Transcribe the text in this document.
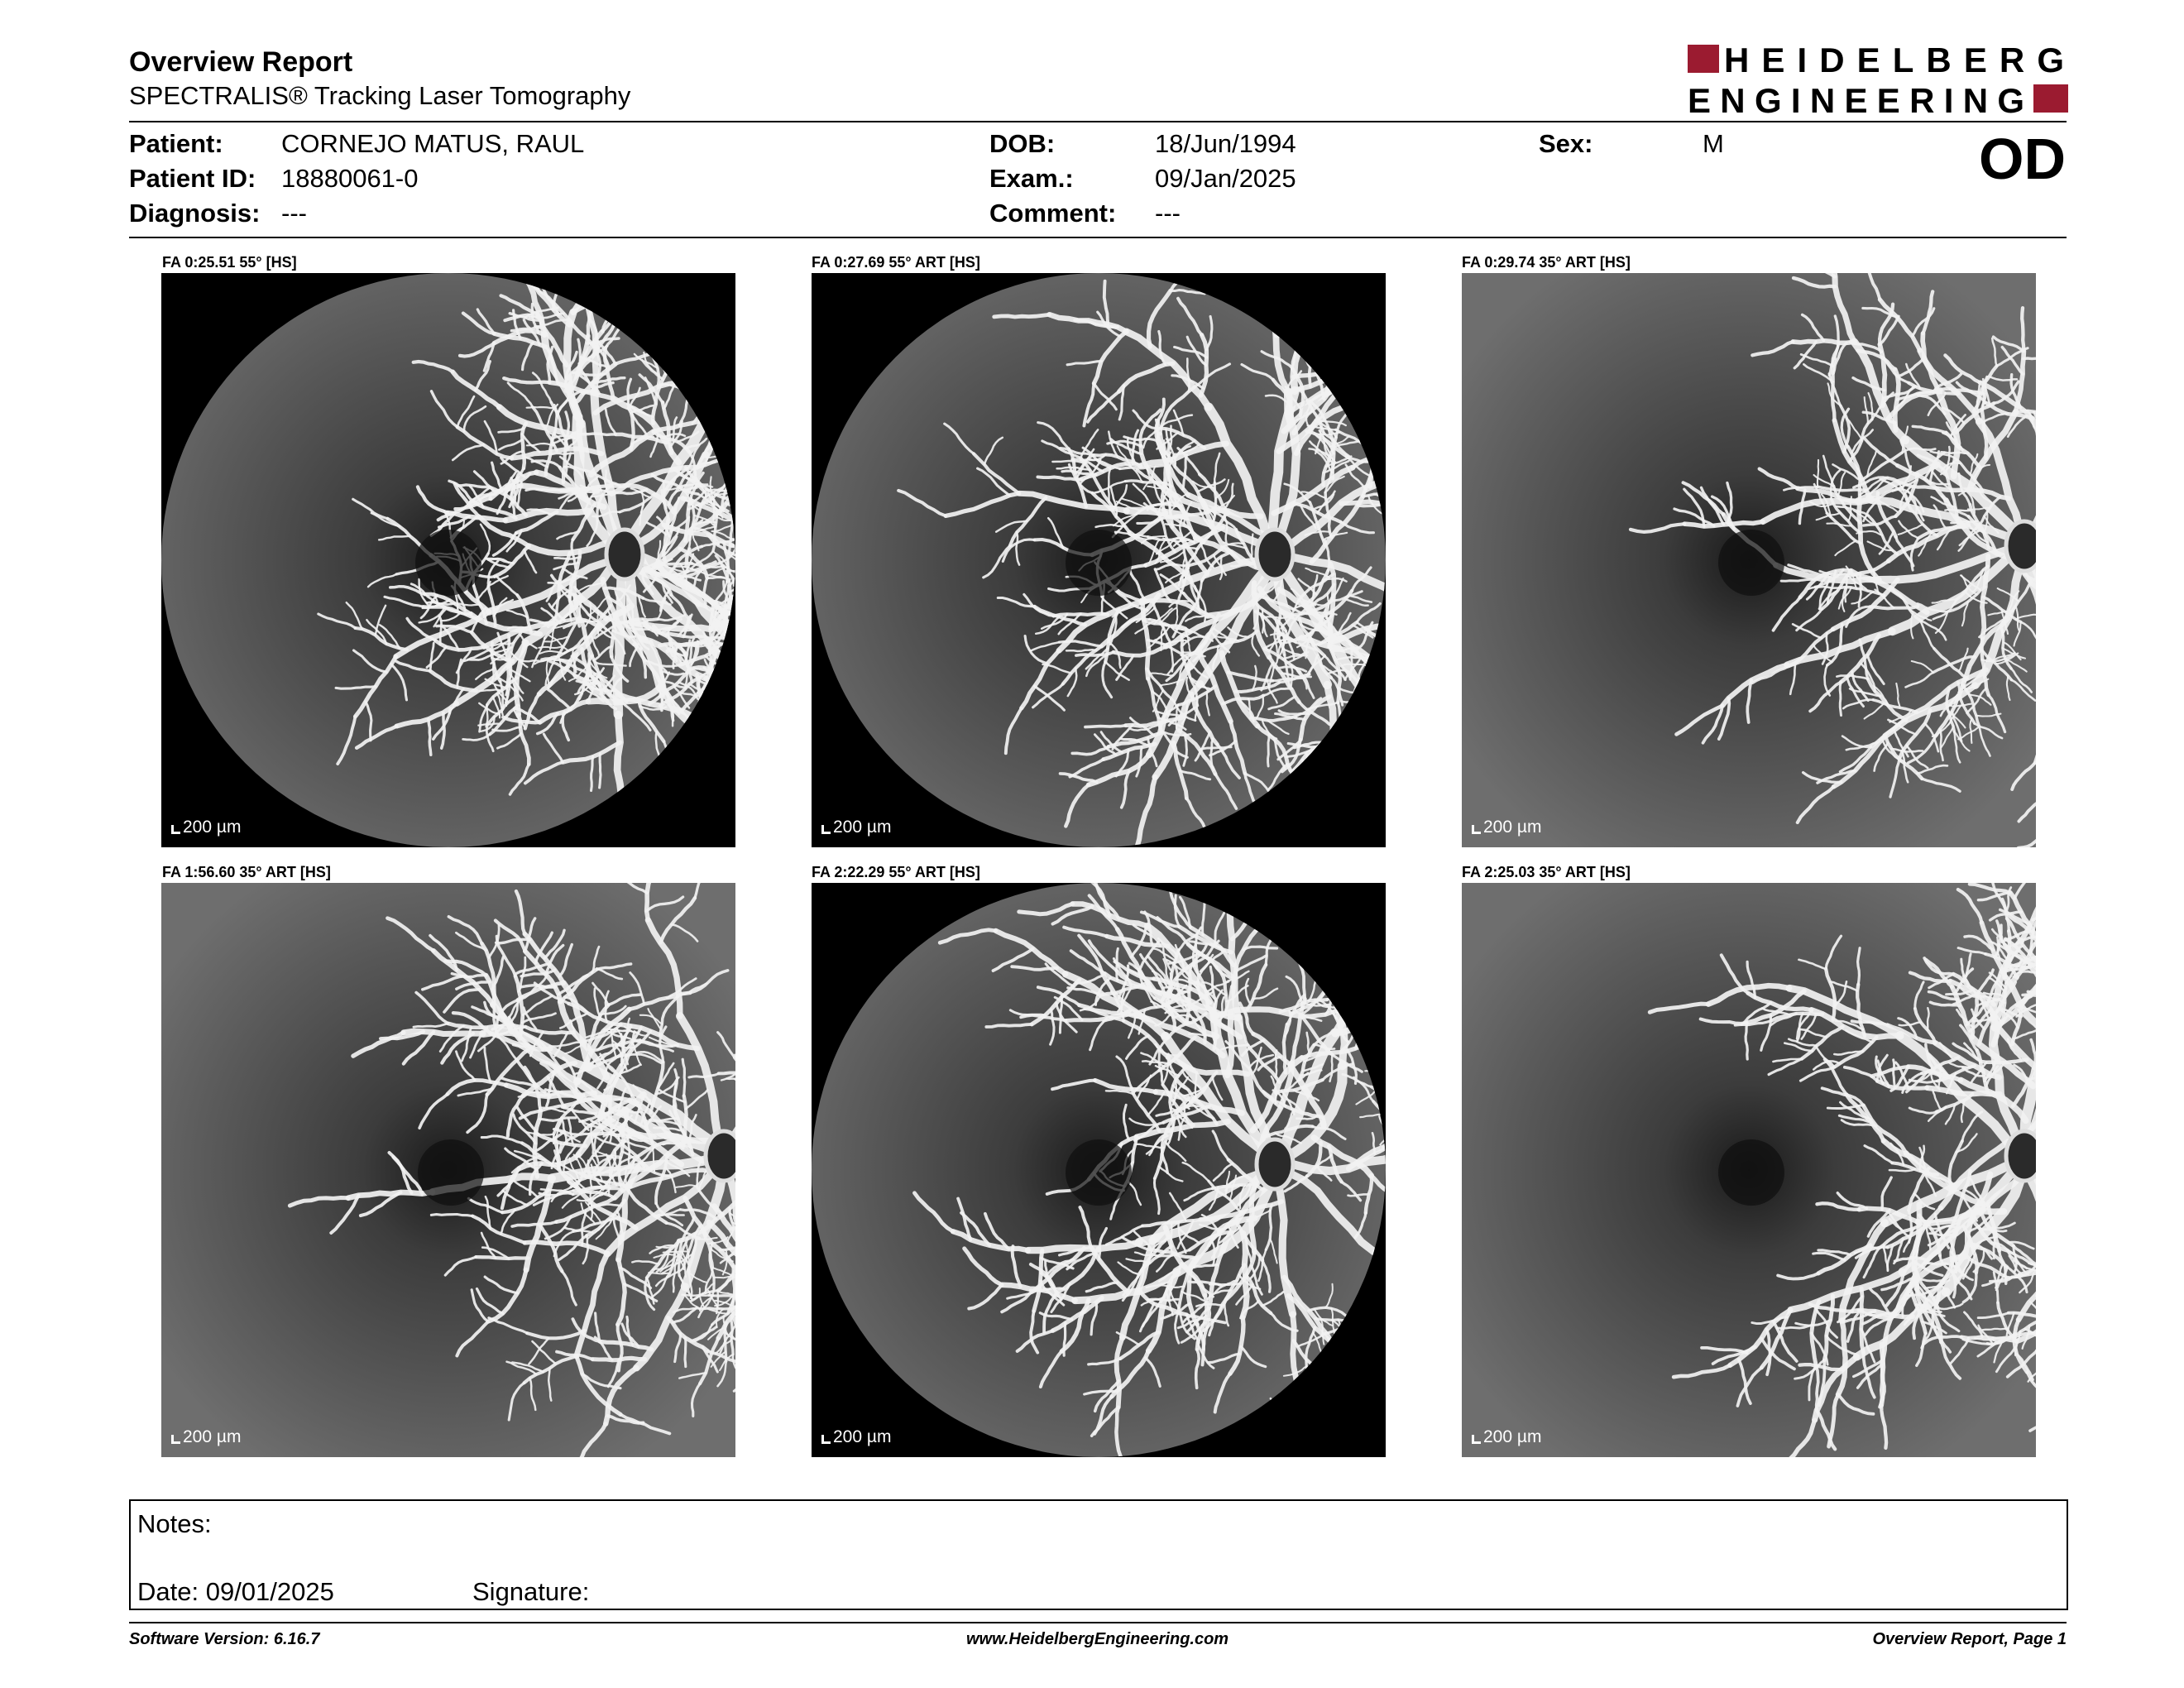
Overview Report
SPECTRALIS® Tracking Laser Tomography
HEIDELBERG
ENGINEERING
Patient: CORNEJO MATUS, RAUL
Patient ID: 18880061-0
Diagnosis: ---
DOB:	18/Jun/1994
Exam.:	09/Jan/2025
Comment: ---
Sex:	M	OD
FA 0:25.51 55° [HS]
200 µm
FA 0:27.69 55° ART [HS]
200 µm
FA 0:29.74 35° ART [HS]
200 µm
FA 1:56.60 35° ART [HS]
200 µm
FA 2:22.29 55° ART [HS]
200 µm
FA 2:25.03 35° ART [HS]
200 µm
Notes:
Date: 09/01/2025	Signature:
Software Version: 6.16.7	www.HeidelbergEngineering.com	Overview Report, Page 1
